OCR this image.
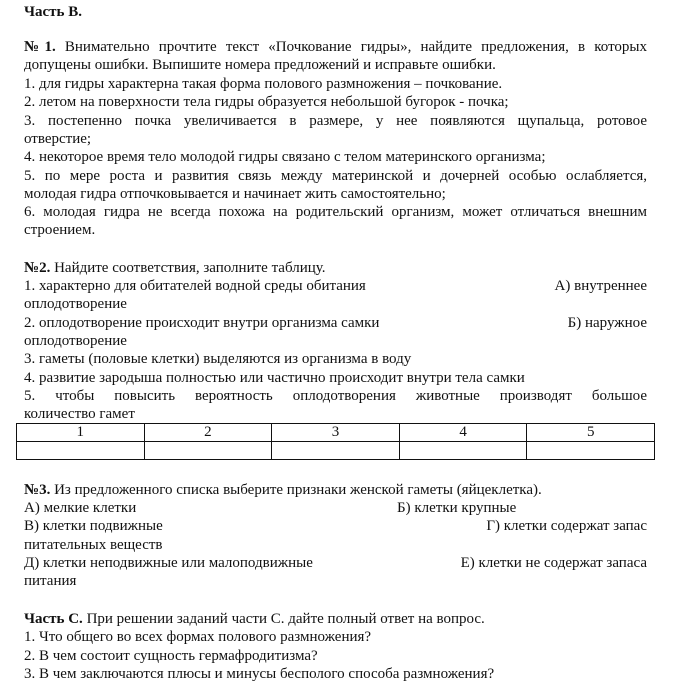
Часть В.
№1. Внимательно прочтите текст «Почкование гидры», найдите предложения, в которых
допущены ошибки. Выпишите номера предложений и исправьте ошибки.
1. для гидры характерна такая форма полового размножения – почкование.
2. летом на поверхности тела гидры образуется небольшой бугорок - почка;
3. постепенно почка увеличивается в размере, у нее появляются щупальца, ротовое
отверстие;
4. некоторое время тело молодой гидры связано с телом материнского организма;
5. по мере роста и развития связь между материнской и дочерней особью ослабляется,
молодая гидра отпочковывается и начинает жить самостоятельно;
6. молодая гидра не всегда похожа на родительский организм, может отличаться внешним
строением.
№2. Найдите соответствия, заполните таблицу.
1. характерно для обитателей водной среды обитания	А) внутреннее
оплодотворение
2. оплодотворение происходит внутри организма самки	Б) наружное
оплодотворение
3. гаметы (половые клетки) выделяются из организма в воду
4. развитие зародыша полностью или частично происходит внутри тела самки
5. чтобы повысить вероятность оплодотворения животные производят большое
количество гамет
№3. Из предложенного списка выберите признаки женской гаметы (яйцеклетка).
А) мелкие клетки	Б) клетки крупные
В) клетки подвижные	Г) клетки содержат запас
питательных веществ
Д) клетки неподвижные или малоподвижные	Е) клетки не содержат запаса
питания
Часть С. При решении заданий части С. дайте полный ответ на вопрос.
1. Что общего во всех формах полового размножения?
2. В чем состоит сущность гермафродитизма?
3. В чем заключаются плюсы и минусы бесполого способа размножения?
1	2	3	4	5
